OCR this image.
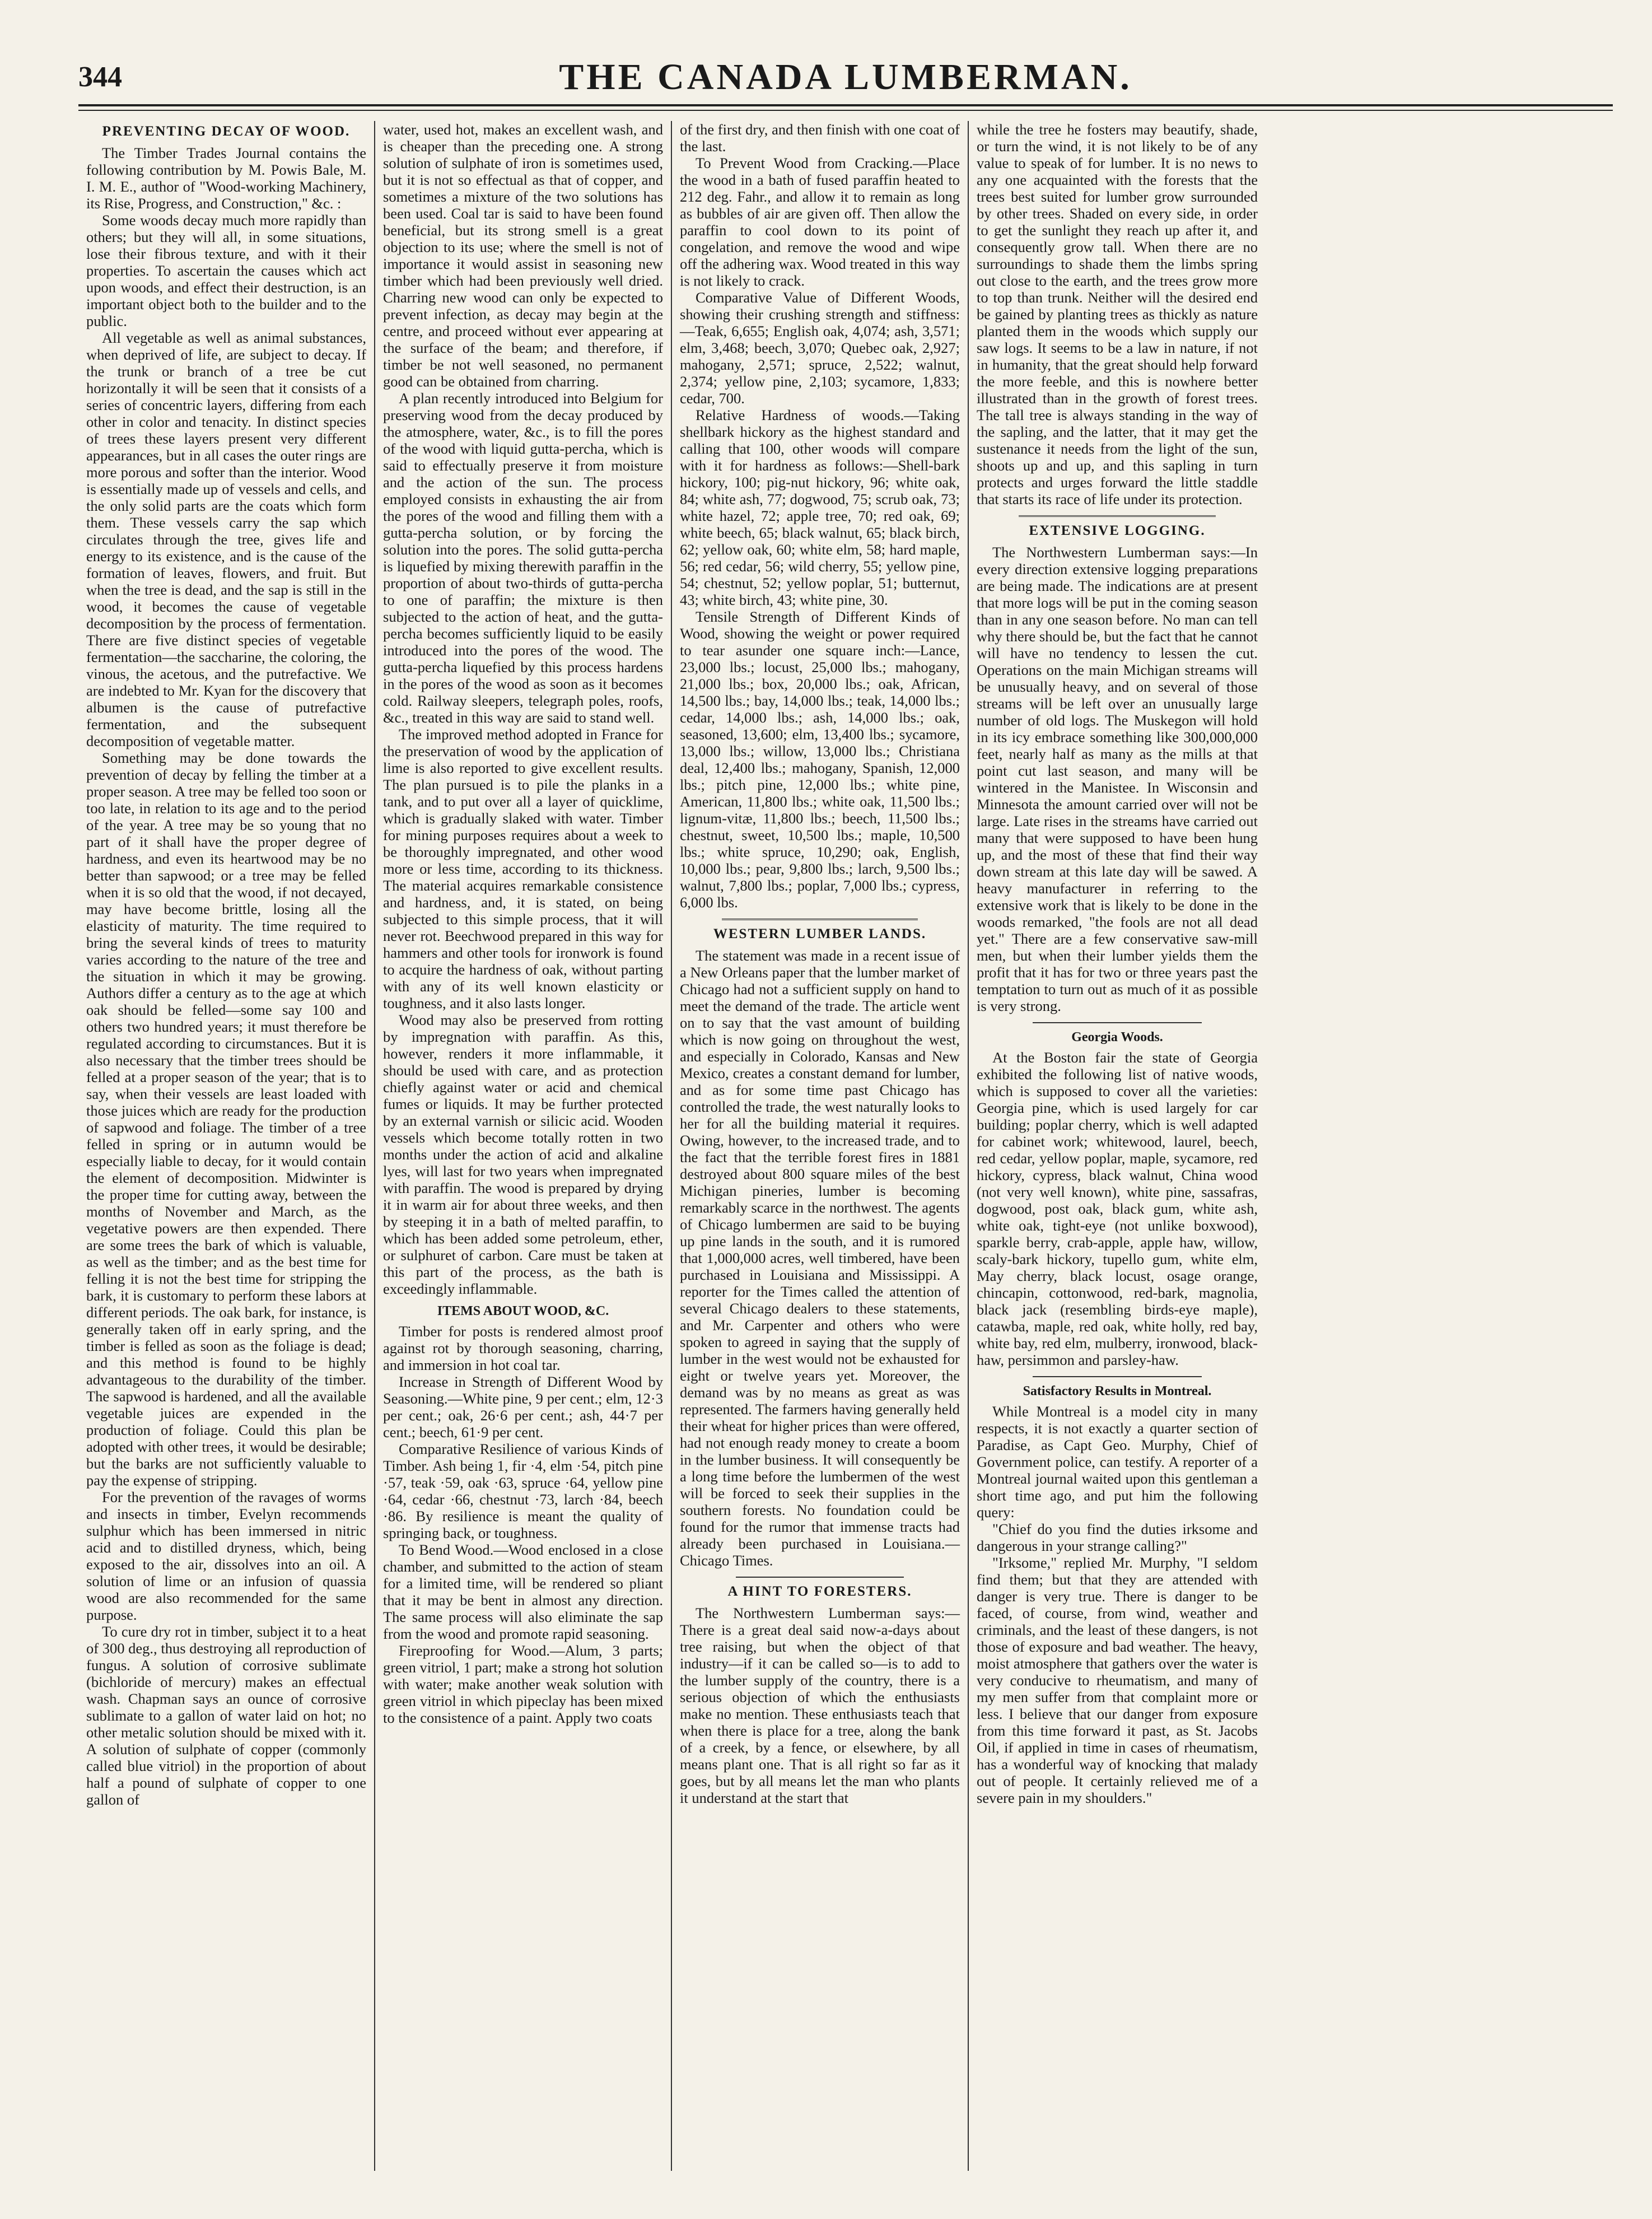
344	THE CANADA LUMBERMAN.
PREVENTING DECAY OF WOOD.

The Timber Trades Journal contains the following contribution by M. Powis Bale, M. I. M. E., author of "Wood-working Machinery, its Rise, Progress, and Construction," &c. :

Some woods decay much more rapidly than others; but they will all, in some situations, lose their fibrous texture, and with it their properties. To ascertain the causes which act upon woods, and effect their destruction, is an important object both to the builder and to the public.

All vegetable as well as animal substances, when deprived of life, are subject to decay. If the trunk or branch of a tree be cut horizontally it will be seen that it consists of a series of concentric layers, differing from each other in color and tenacity. In distinct species of trees these layers present very different appearances, but in all cases the outer rings are more porous and softer than the interior. Wood is essentially made up of vessels and cells, and the only solid parts are the coats which form them. These vessels carry the sap which circulates through the tree, gives life and energy to its existence, and is the cause of the formation of leaves, flowers, and fruit. But when the tree is dead, and the sap is still in the wood, it becomes the cause of vegetable decomposition by the process of fermentation. There are five distinct species of vegetable fermentation—the saccharine, the coloring, the vinous, the acetous, and the putrefactive. We are indebted to Mr. Kyan for the discovery that albumen is the cause of putrefactive fermentation, and the subsequent decomposition of vegetable matter.

Something may be done towards the prevention of decay by felling the timber at a proper season. A tree may be felled too soon or too late, in relation to its age and to the period of the year. A tree may be so young that no part of it shall have the proper degree of hardness, and even its heartwood may be no better than sapwood; or a tree may be felled when it is so old that the wood, if not decayed, may have become brittle, losing all the elasticity of maturity. The time required to bring the several kinds of trees to maturity varies according to the nature of the tree and the situation in which it may be growing. Authors differ a century as to the age at which oak should be felled—some say 100 and others two hundred years; it must therefore be regulated according to circumstances. But it is also necessary that the timber trees should be felled at a proper season of the year; that is to say, when their vessels are least loaded with those juices which are ready for the production of sapwood and foliage. The timber of a tree felled in spring or in autumn would be especially liable to decay, for it would contain the element of decomposition. Midwinter is the proper time for cutting away, between the months of November and March, as the vegetative powers are then expended. There are some trees the bark of which is valuable, as well as the timber; and as the best time for felling it is not the best time for stripping the bark, it is customary to perform these labors at different periods. The oak bark, for instance, is generally taken off in early spring, and the timber is felled as soon as the foliage is dead; and this method is found to be highly advantageous to the durability of the timber. The sapwood is hardened, and all the available vegetable juices are expended in the production of foliage. Could this plan be adopted with other trees, it would be desirable; but the barks are not sufficiently valuable to pay the expense of stripping.

For the prevention of the ravages of worms and insects in timber, Evelyn recommends sulphur which has been immersed in nitric acid and to distilled dryness, which, being exposed to the air, dissolves into an oil. A solution of lime or an infusion of quassia wood are also recommended for the same purpose.

To cure dry rot in timber, subject it to a heat of 300 deg., thus destroying all reproduction of fungus. A solution of corrosive sublimate (bichloride of mercury) makes an effectual wash. Chapman says an ounce of corrosive sublimate to a gallon of water laid on hot; no other metalic solution should be mixed with it. A solution of sulphate of copper (commonly called blue vitriol) in the proportion of about half a pound of sulphate of copper to one gallon of

water, used hot, makes an excellent wash, and is cheaper than the preceding one. A strong solution of sulphate of iron is sometimes used, but it is not so effectual as that of copper, and sometimes a mixture of the two solutions has been used. Coal tar is said to have been found beneficial, but its strong smell is a great objection to its use; where the smell is not of importance it would assist in seasoning new timber which had been previously well dried. Charring new wood can only be expected to prevent infection, as decay may begin at the centre, and proceed without ever appearing at the surface of the beam; and therefore, if timber be not well seasoned, no permanent good can be obtained from charring.

A plan recently introduced into Belgium for preserving wood from the decay produced by the atmosphere, water, &c., is to fill the pores of the wood with liquid gutta-percha, which is said to effectually preserve it from moisture and the action of the sun. The process employed consists in exhausting the air from the pores of the wood and filling them with a gutta-percha solution, or by forcing the solution into the pores. The solid gutta-percha is liquefied by mixing therewith paraffin in the proportion of about two-thirds of gutta-percha to one of paraffin; the mixture is then subjected to the action of heat, and the gutta-percha becomes sufficiently liquid to be easily introduced into the pores of the wood. The gutta-percha liquefied by this process hardens in the pores of the wood as soon as it becomes cold. Railway sleepers, telegraph poles, roofs, &c., treated in this way are said to stand well.

The improved method adopted in France for the preservation of wood by the application of lime is also reported to give excellent results. The plan pursued is to pile the planks in a tank, and to put over all a layer of quicklime, which is gradually slaked with water. Timber for mining purposes requires about a week to be thoroughly impregnated, and other wood more or less time, according to its thickness. The material acquires remarkable consistence and hardness, and, it is stated, on being subjected to this simple process, that it will never rot. Beechwood prepared in this way for hammers and other tools for ironwork is found to acquire the hardness of oak, without parting with any of its well known elasticity or toughness, and it also lasts longer.

Wood may also be preserved from rotting by impregnation with paraffin. As this, however, renders it more inflammable, it should be used with care, and as protection chiefly against water or acid and chemical fumes or liquids. It may be further protected by an external varnish or silicic acid. Wooden vessels which become totally rotten in two months under the action of acid and alkaline lyes, will last for two years when impregnated with paraffin. The wood is prepared by drying it in warm air for about three weeks, and then by steeping it in a bath of melted paraffin, to which has been added some petroleum, ether, or sulphuret of carbon. Care must be taken at this part of the process, as the bath is exceedingly inflammable.

ITEMS ABOUT WOOD, &C.

Timber for posts is rendered almost proof against rot by thorough seasoning, charring, and immersion in hot coal tar.

Increase in Strength of Different Wood by Seasoning.—White pine, 9 per cent.; elm, 12·3 per cent.; oak, 26·6 per cent.; ash, 44·7 per cent.; beech, 61·9 per cent.

Comparative Resilience of various Kinds of Timber. Ash being 1, fir ·4, elm ·54, pitch pine ·57, teak ·59, oak ·63, spruce ·64, yellow pine ·64, cedar ·66, chestnut ·73, larch ·84, beech ·86. By resilience is meant the quality of springing back, or toughness.

To Bend Wood.—Wood enclosed in a close chamber, and submitted to the action of steam for a limited time, will be rendered so pliant that it may be bent in almost any direction. The same process will also eliminate the sap from the wood and promote rapid seasoning.

Fireproofing for Wood.—Alum, 3 parts; green vitriol, 1 part; make a strong hot solution with water; make another weak solution with green vitriol in which pipeclay has been mixed to the consistence of a paint. Apply two coats

of the first dry, and then finish with one coat of the last.

To Prevent Wood from Cracking.—Place the wood in a bath of fused paraffin heated to 212 deg. Fahr., and allow it to remain as long as bubbles of air are given off. Then allow the paraffin to cool down to its point of congelation, and remove the wood and wipe off the adhering wax. Wood treated in this way is not likely to crack.

Comparative Value of Different Woods, showing their crushing strength and stiffness:—Teak, 6,655; English oak, 4,074; ash, 3,571; elm, 3,468; beech, 3,070; Quebec oak, 2,927; mahogany, 2,571; spruce, 2,522; walnut, 2,374; yellow pine, 2,103; sycamore, 1,833; cedar, 700.

Relative Hardness of woods.—Taking shellbark hickory as the highest standard and calling that 100, other woods will compare with it for hardness as follows:—Shell-bark hickory, 100; pig-nut hickory, 96; white oak, 84; white ash, 77; dogwood, 75; scrub oak, 73; white hazel, 72; apple tree, 70; red oak, 69; white beech, 65; black walnut, 65; black birch, 62; yellow oak, 60; white elm, 58; hard maple, 56; red cedar, 56; wild cherry, 55; yellow pine, 54; chestnut, 52; yellow poplar, 51; butternut, 43; white birch, 43; white pine, 30.

Tensile Strength of Different Kinds of Wood, showing the weight or power required to tear asunder one square inch:—Lance, 23,000 lbs.; locust, 25,000 lbs.; mahogany, 21,000 lbs.; box, 20,000 lbs.; oak, African, 14,500 lbs.; bay, 14,000 lbs.; teak, 14,000 lbs.; cedar, 14,000 lbs.; ash, 14,000 lbs.; oak, seasoned, 13,600; elm, 13,400 lbs.; sycamore, 13,000 lbs.; willow, 13,000 lbs.; Christiana deal, 12,400 lbs.; mahogany, Spanish, 12,000 lbs.; pitch pine, 12,000 lbs.; white pine, American, 11,800 lbs.; white oak, 11,500 lbs.; lignum-vitæ, 11,800 lbs.; beech, 11,500 lbs.; chestnut, sweet, 10,500 lbs.; maple, 10,500 lbs.; white spruce, 10,290; oak, English, 10,000 lbs.; pear, 9,800 lbs.; larch, 9,500 lbs.; walnut, 7,800 lbs.; poplar, 7,000 lbs.; cypress, 6,000 lbs.

WESTERN LUMBER LANDS.

The statement was made in a recent issue of a New Orleans paper that the lumber market of Chicago had not a sufficient supply on hand to meet the demand of the trade. The article went on to say that the vast amount of building which is now going on throughout the west, and especially in Colorado, Kansas and New Mexico, creates a constant demand for lumber, and as for some time past Chicago has controlled the trade, the west naturally looks to her for all the building material it requires. Owing, however, to the increased trade, and to the fact that the terrible forest fires in 1881 destroyed about 800 square miles of the best Michigan pineries, lumber is becoming remarkably scarce in the northwest. The agents of Chicago lumbermen are said to be buying up pine lands in the south, and it is rumored that 1,000,000 acres, well timbered, have been purchased in Louisiana and Mississippi. A reporter for the Times called the attention of several Chicago dealers to these statements, and Mr. Carpenter and others who were spoken to agreed in saying that the supply of lumber in the west would not be exhausted for eight or twelve years yet. Moreover, the demand was by no means as great as was represented. The farmers having generally held their wheat for higher prices than were offered, had not enough ready money to create a boom in the lumber business. It will consequently be a long time before the lumbermen of the west will be forced to seek their supplies in the southern forests. No foundation could be found for the rumor that immense tracts had already been purchased in Louisiana.—Chicago Times.

A HINT TO FORESTERS.

The Northwestern Lumberman says:—There is a great deal said now-a-days about tree raising, but when the object of that industry—if it can be called so—is to add to the lumber supply of the country, there is a serious objection of which the enthusiasts make no mention. These enthusiasts teach that when there is place for a tree, along the bank of a creek, by a fence, or elsewhere, by all means plant one. That is all right so far as it goes, but by all means let the man who plants it understand at the start that

while the tree he fosters may beautify, shade, or turn the wind, it is not likely to be of any value to speak of for lumber. It is no news to any one acquainted with the forests that the trees best suited for lumber grow surrounded by other trees. Shaded on every side, in order to get the sunlight they reach up after it, and consequently grow tall. When there are no surroundings to shade them the limbs spring out close to the earth, and the trees grow more to top than trunk. Neither will the desired end be gained by planting trees as thickly as nature planted them in the woods which supply our saw logs. It seems to be a law in nature, if not in humanity, that the great should help forward the more feeble, and this is nowhere better illustrated than in the growth of forest trees. The tall tree is always standing in the way of the sapling, and the latter, that it may get the sustenance it needs from the light of the sun, shoots up and up, and this sapling in turn protects and urges forward the little staddle that starts its race of life under its protection.

EXTENSIVE LOGGING.

The Northwestern Lumberman says:—In every direction extensive logging preparations are being made. The indications are at present that more logs will be put in the coming season than in any one season before. No man can tell why there should be, but the fact that he cannot will have no tendency to lessen the cut. Operations on the main Michigan streams will be unusually heavy, and on several of those streams will be left over an unusually large number of old logs. The Muskegon will hold in its icy embrace something like 300,000,000 feet, nearly half as many as the mills at that point cut last season, and many will be wintered in the Manistee. In Wisconsin and Minnesota the amount carried over will not be large. Late rises in the streams have carried out many that were supposed to have been hung up, and the most of these that find their way down stream at this late day will be sawed. A heavy manufacturer in referring to the extensive work that is likely to be done in the woods remarked, "the fools are not all dead yet." There are a few conservative saw-mill men, but when their lumber yields them the profit that it has for two or three years past the temptation to turn out as much of it as possible is very strong.

Georgia Woods.

At the Boston fair the state of Georgia exhibited the following list of native woods, which is supposed to cover all the varieties: Georgia pine, which is used largely for car building; poplar cherry, which is well adapted for cabinet work; whitewood, laurel, beech, red cedar, yellow poplar, maple, sycamore, red hickory, cypress, black walnut, China wood (not very well known), white pine, sassafras, dogwood, post oak, black gum, white ash, white oak, tight-eye (not unlike boxwood), sparkle berry, crab-apple, apple haw, willow, scaly-bark hickory, tupello gum, white elm, May cherry, black locust, osage orange, chincapin, cottonwood, red-bark, magnolia, black jack (resembling birds-eye maple), catawba, maple, red oak, white holly, red bay, white bay, red elm, mulberry, ironwood, black-haw, persimmon and parsley-haw.

Satisfactory Results in Montreal.

While Montreal is a model city in many respects, it is not exactly a quarter section of Paradise, as Capt Geo. Murphy, Chief of Government police, can testify. A reporter of a Montreal journal waited upon this gentleman a short time ago, and put him the following query:

"Chief do you find the duties irksome and dangerous in your strange calling?"

"Irksome," replied Mr. Murphy, "I seldom find them; but that they are attended with danger is very true. There is danger to be faced, of course, from wind, weather and criminals, and the least of these dangers, is not those of exposure and bad weather. The heavy, moist atmosphere that gathers over the water is very conducive to rheumatism, and many of my men suffer from that complaint more or less. I believe that our danger from exposure from this time forward it past, as St. Jacobs Oil, if applied in time in cases of rheumatism, has a wonderful way of knocking that malady out of people. It certainly relieved me of a severe pain in my shoulders."
